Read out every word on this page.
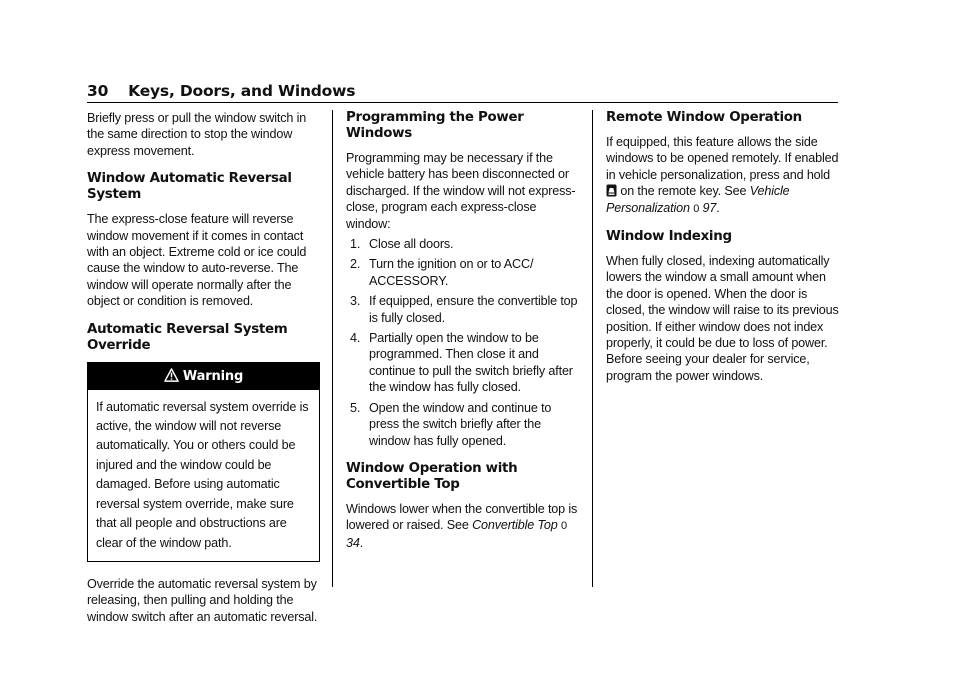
30 Keys, Doors, and Windows

Briefly press or pull the window switch in the same direction to stop the window express movement.

Window Automatic Reversal System

The express-close feature will reverse window movement if it comes in contact with an object. Extreme cold or ice could cause the window to auto-reverse. The window will operate normally after the object or condition is removed.

Automatic Reversal System Override
Warning
If automatic reversal system override is active, the window will not reverse automatically. You or others could be injured and the window could be damaged. Before using automatic reversal system override, make sure that all people and obstructions are clear of the window path.

Override the automatic reversal system by releasing, then pulling and holding the window switch after an automatic reversal.

Programming the Power Windows

Programming may be necessary if the vehicle battery has been disconnected or discharged. If the window will not express-close, program each express-close window:

1. Close all doors.
2. Turn the ignition on or to ACC/ ACCESSORY.
3. If equipped, ensure the convertible top is fully closed.
4. Partially open the window to be programmed. Then close it and continue to pull the switch briefly after the window has fully closed.
5. Open the window and continue to press the switch briefly after the window has fully opened.
Window Operation with Convertible Top

Windows lower when the convertible top is lowered or raised. See Convertible Top 0 34.

Remote Window Operation

If equipped, this feature allows the side windows to be opened remotely. If enabled in vehicle personalization, press and hold  on the remote key. See Vehicle Personalization 0 97.

Window Indexing

When fully closed, indexing automatically lowers the window a small amount when the door is opened. When the door is closed, the window will raise to its previous position. If either window does not index properly, it could be due to loss of power. Before seeing your dealer for service, program the power windows.
